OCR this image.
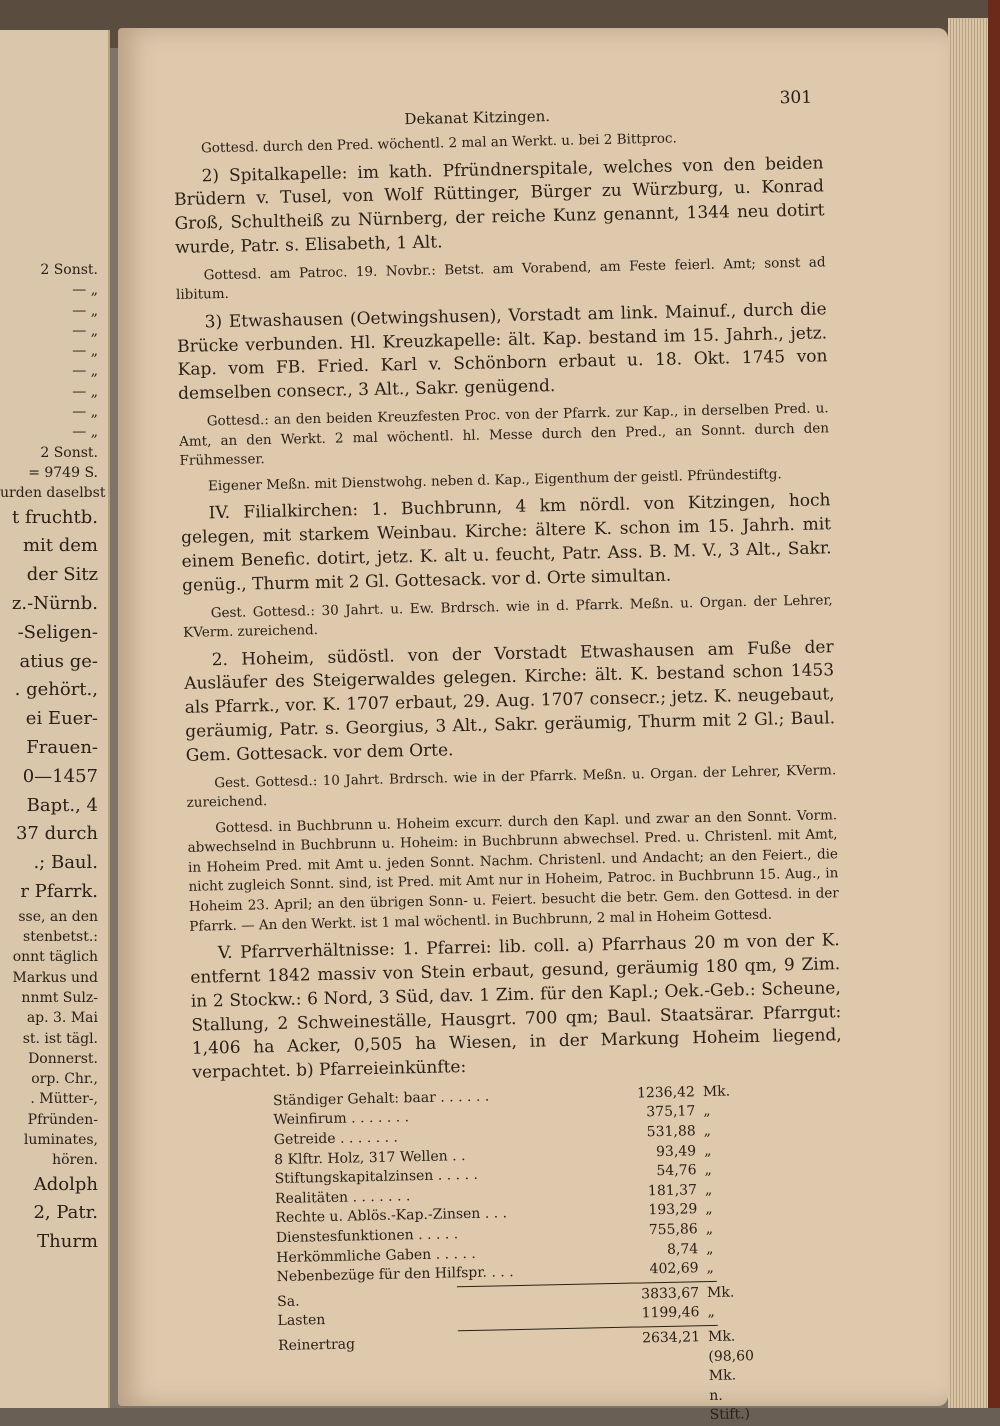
2 Sonst.
— „
— „
— „
— „
— „
— „
— „
— „
2 Sonst.
= 9749 S.
urden daselbst
t fruchtb.
mit dem
der Sitz
z.-Nürnb.
-Seligen-
atius ge-
. gehört.,
ei Euer-
Frauen-
0—1457
Bapt., 4
37 durch
.; Baul.
r Pfarrk.
sse, an den
stenbetst.:
onnt täglich
Markus und
nnmt Sulz-
ap. 3. Mai
st. ist tägl.
Donnerst.
orp. Chr.,
. Mütter-,
Pfründen-
luminates,
hören.
Adolph
2, Patr.
Thurm
Dekanat Kitzingen.
301

Gottesd. durch den Pred. wöchentl. 2 mal an Werkt. u. bei 2 Bittproc.

2) Spitalkapelle: im kath. Pfründnerspitale, welches von den beiden Brüdern v. Tusel, von Wolf Rüttinger, Bürger zu Würzburg, u. Konrad Groß, Schultheiß zu Nürnberg, der reiche Kunz genannt, 1344 neu dotirt wurde, Patr. s. Elisabeth, 1 Alt.

Gottesd. am Patroc. 19. Novbr.: Betst. am Vorabend, am Feste feierl. Amt; sonst ad libitum.

3) Etwashausen (Oetwingshusen), Vorstadt am link. Mainuf., durch die Brücke verbunden. Hl. Kreuzkapelle: ält. Kap. bestand im 15. Jahrh., jetz. Kap. vom FB. Fried. Karl v. Schönborn erbaut u. 18. Okt. 1745 von demselben consecr., 3 Alt., Sakr. genügend.

Gottesd.: an den beiden Kreuzfesten Proc. von der Pfarrk. zur Kap., in derselben Pred. u. Amt, an den Werkt. 2 mal wöchentl. hl. Messe durch den Pred., an Sonnt. durch den Frühmesser.

Eigener Meßn. mit Dienstwohg. neben d. Kap., Eigenthum der geistl. Pfründestiftg.

IV. Filialkirchen: 1. Buchbrunn, 4 km nördl. von Kitzingen, hoch gelegen, mit starkem Weinbau. Kirche: ältere K. schon im 15. Jahrh. mit einem Benefic. dotirt, jetz. K. alt u. feucht, Patr. Ass. B. M. V., 3 Alt., Sakr. genüg., Thurm mit 2 Gl. Gottesack. vor d. Orte simultan.

Gest. Gottesd.: 30 Jahrt. u. Ew. Brdrsch. wie in d. Pfarrk. Meßn. u. Organ. der Lehrer, KVerm. zureichend.

2. Hoheim, südöstl. von der Vorstadt Etwashausen am Fuße der Ausläufer des Steigerwaldes gelegen. Kirche: ält. K. bestand schon 1453 als Pfarrk., vor. K. 1707 erbaut, 29. Aug. 1707 consecr.; jetz. K. neugebaut, geräumig, Patr. s. Georgius, 3 Alt., Sakr. geräumig, Thurm mit 2 Gl.; Baul. Gem. Gottesack. vor dem Orte.

Gest. Gottesd.: 10 Jahrt. Brdrsch. wie in der Pfarrk. Meßn. u. Organ. der Lehrer, KVerm. zureichend.

Gottesd. in Buchbrunn u. Hoheim excurr. durch den Kapl. und zwar an den Sonnt. Vorm. abwechselnd in Buchbrunn u. Hoheim: in Buchbrunn abwechsel. Pred. u. Christenl. mit Amt, in Hoheim Pred. mit Amt u. jeden Sonnt. Nachm. Christenl. und Andacht; an den Feiert., die nicht zugleich Sonnt. sind, ist Pred. mit Amt nur in Hoheim, Patroc. in Buchbrunn 15. Aug., in Hoheim 23. April; an den übrigen Sonn- u. Feiert. besucht die betr. Gem. den Gottesd. in der Pfarrk. — An den Werkt. ist 1 mal wöchentl. in Buchbrunn, 2 mal in Hoheim Gottesd.

V. Pfarrverhältnisse: 1. Pfarrei: lib. coll. a) Pfarrhaus 20 m von der K. entfernt 1842 massiv von Stein erbaut, gesund, geräumig 180 qm, 9 Zim. in 2 Stockw.: 6 Nord, 3 Süd, dav. 1 Zim. für den Kapl.; Oek.-Geb.: Scheune, Stallung, 2 Schweineställe, Hausgrt. 700 qm; Baul. Staatsärar. Pfarrgut: 1,406 ha Acker, 0,505 ha Wiesen, in der Markung Hoheim liegend, verpachtet. b) Pfarreieinkünfte:

Ständiger Gehalt: baar . . . . . .	1236,42 Mk.
Weinfirum . . . . . . .	375,17 „
Getreide . . . . . . .	531,88 „
8 Klftr. Holz, 317 Wellen . .	93,49 „
Stiftungskapitalzinsen . . . . .	54,76 „
Realitäten . . . . . . .	181,37 „
Rechte u. Ablös.-Kap.-Zinsen . . .	193,29 „
Dienstesfunktionen . . . . .	755,86 „
Herkömmliche Gaben . . . . .	8,74 „
Nebenbezüge für den Hilfspr. . . .	402,69 „
Sa.	3833,67 Mk.
Lasten	1199,46 „
Reinertrag	2634,21 Mk. (98,60 Mk. n. Stift.)
